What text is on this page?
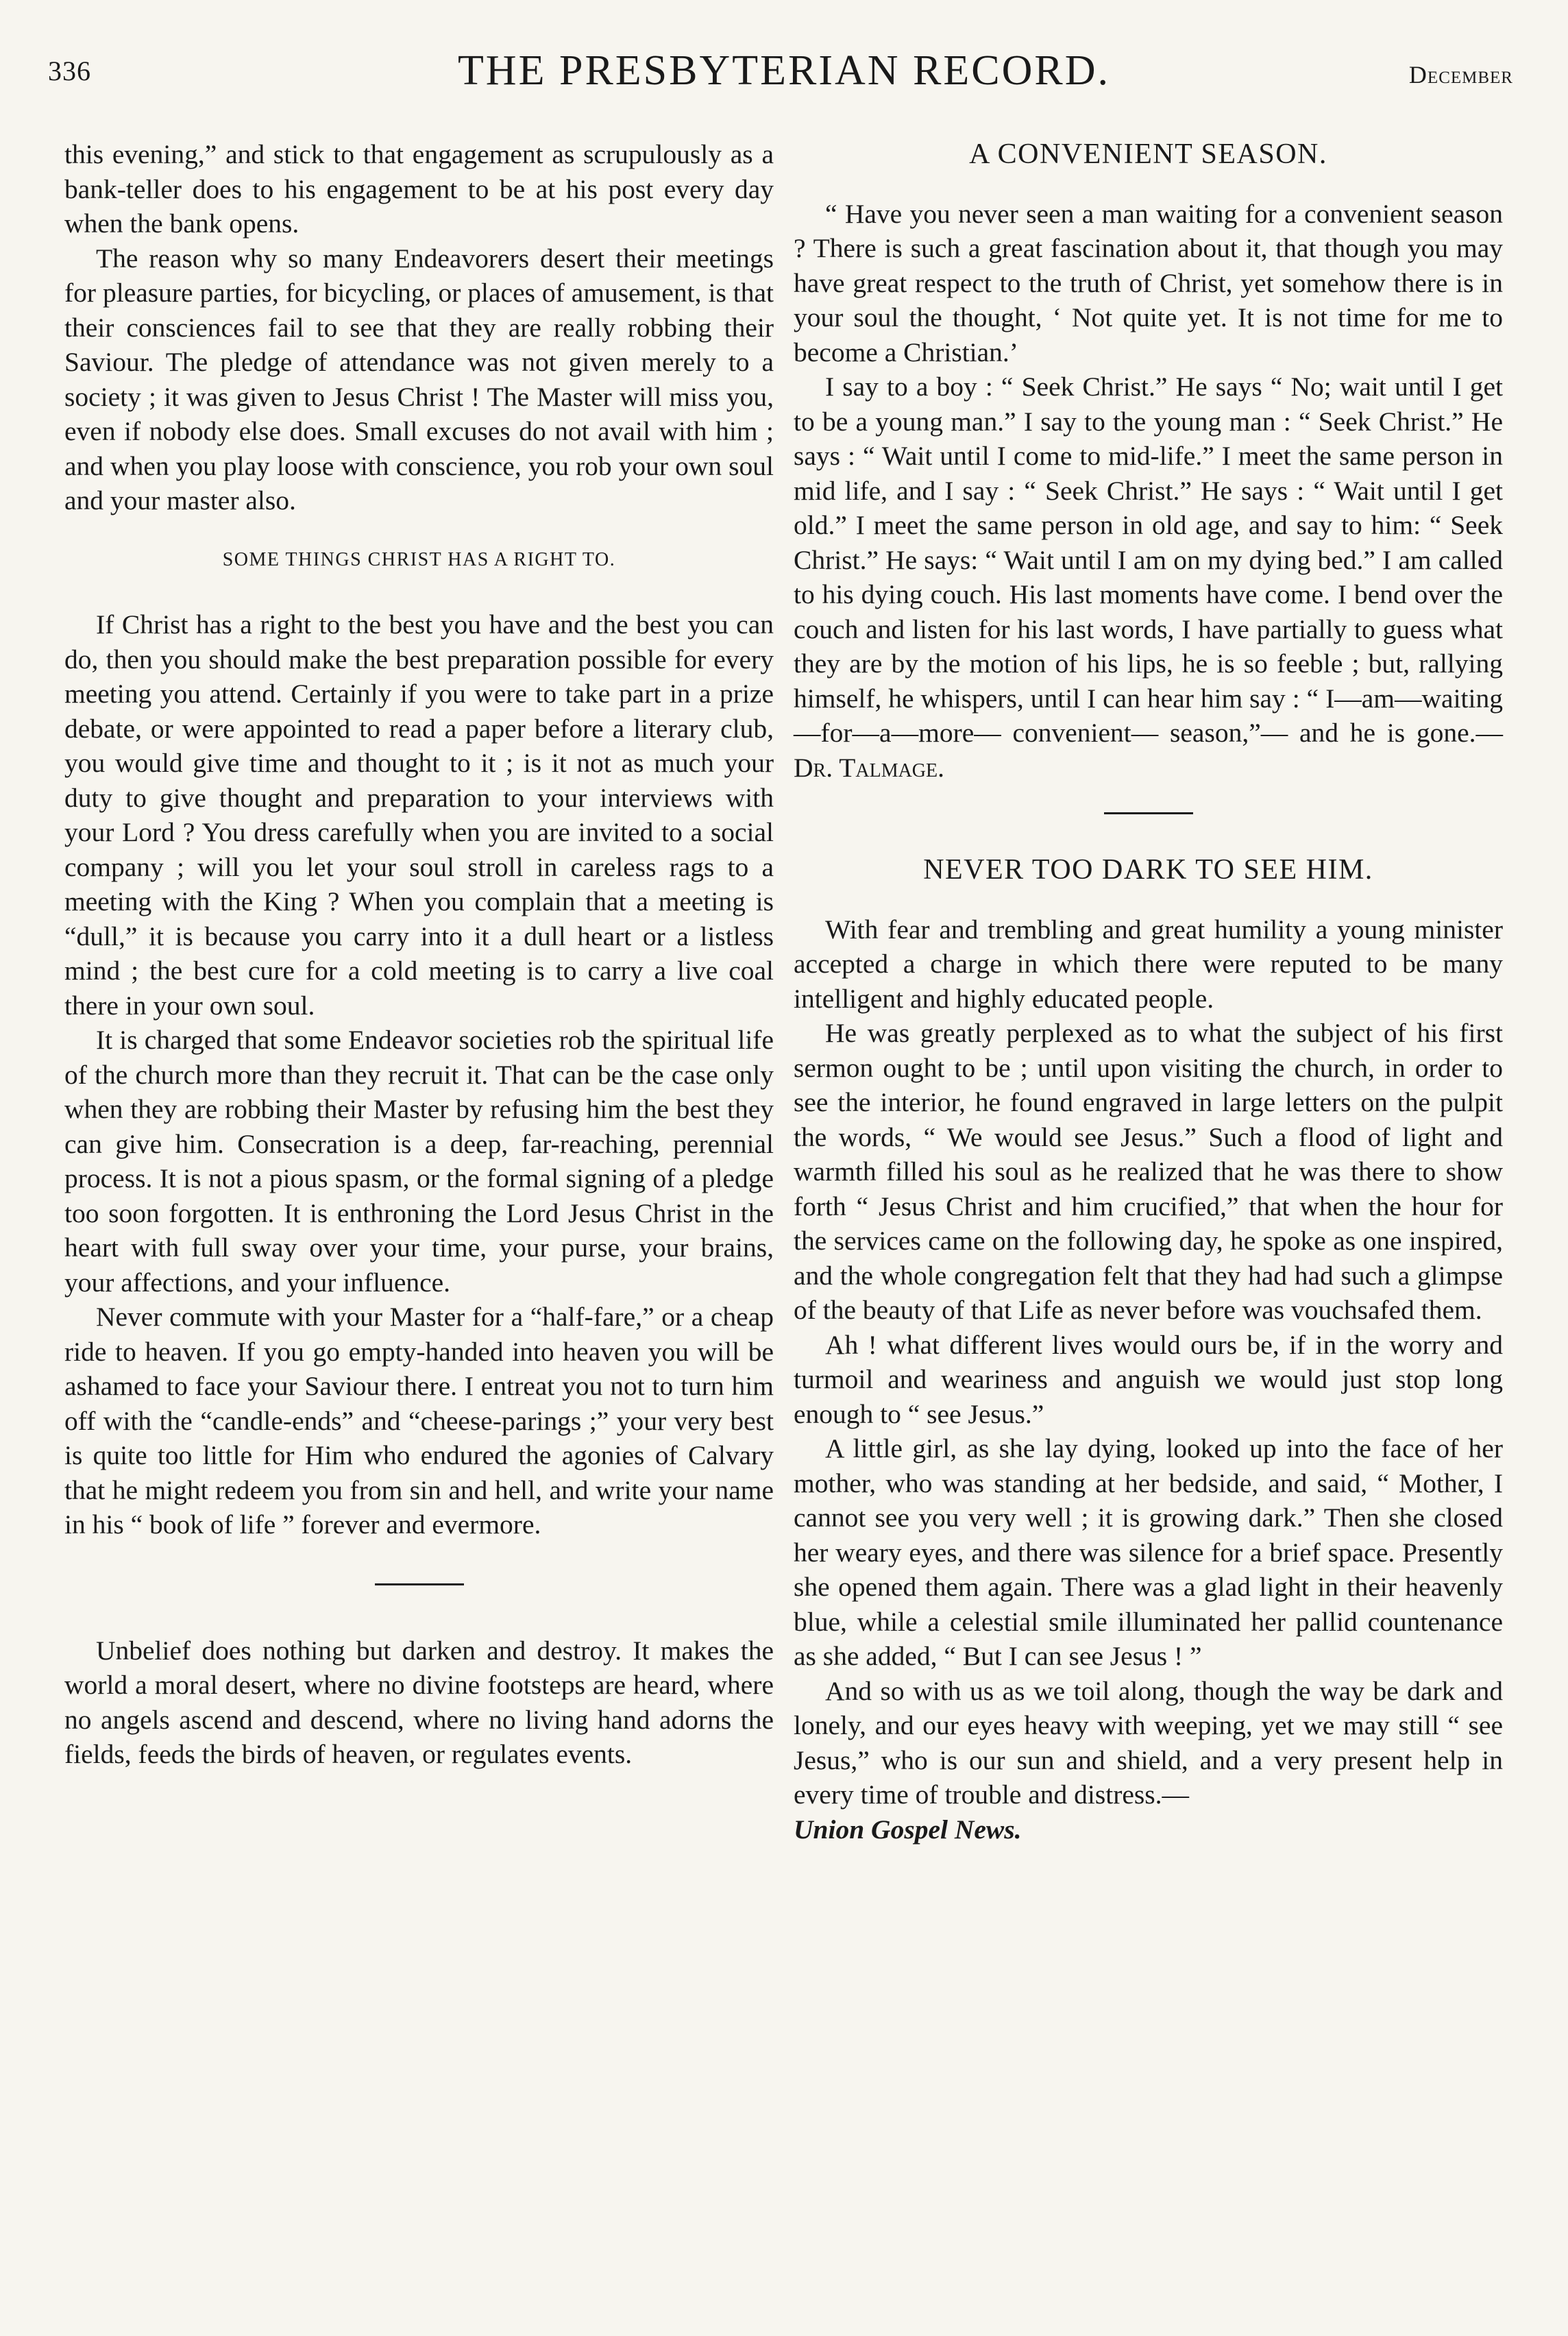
336	THE PRESBYTERIAN RECORD.	December

this evening,” and stick to that engagement as scrupulously as a bank-teller does to his engagement to be at his post every day when the bank opens.

The reason why so many Endeavorers desert their meetings for pleasure parties, for bicycling, or places of amusement, is that their consciences fail to see that they are really robbing their Saviour. The pledge of attendance was not given merely to a society ; it was given to Jesus Christ ! The Master will miss you, even if nobody else does. Small excuses do not avail with him ; and when you play loose with conscience, you rob your own soul and your master also.

SOME THINGS CHRIST HAS A RIGHT TO.

If Christ has a right to the best you have and the best you can do, then you should make the best preparation possible for every meeting you attend. Certainly if you were to take part in a prize debate, or were appointed to read a paper before a literary club, you would give time and thought to it ; is it not as much your duty to give thought and preparation to your interviews with your Lord ? You dress carefully when you are invited to a social company ; will you let your soul stroll in careless rags to a meeting with the King ? When you complain that a meeting is “dull,” it is because you carry into it a dull heart or a listless mind ; the best cure for a cold meeting is to carry a live coal there in your own soul.

It is charged that some Endeavor societies rob the spiritual life of the church more than they recruit it. That can be the case only when they are robbing their Master by refusing him the best they can give him. Consecration is a deep, far-reaching, perennial process. It is not a pious spasm, or the formal signing of a pledge too soon forgotten. It is enthroning the Lord Jesus Christ in the heart with full sway over your time, your purse, your brains, your affections, and your influence.

Never commute with your Master for a “half-fare,” or a cheap ride to heaven. If you go empty-handed into heaven you will be ashamed to face your Saviour there. I entreat you not to turn him off with the “candle-ends” and “cheese-parings ;” your very best is quite too little for Him who endured the agonies of Calvary that he might redeem you from sin and hell, and write your name in his “ book of life ” forever and evermore.

Unbelief does nothing but darken and destroy. It makes the world a moral desert, where no divine footsteps are heard, where no angels ascend and descend, where no living hand adorns the fields, feeds the birds of heaven, or regulates events.

A CONVENIENT SEASON.

“ Have you never seen a man waiting for a convenient season ? There is such a great fascination about it, that though you may have great respect to the truth of Christ, yet somehow there is in your soul the thought, ‘ Not quite yet. It is not time for me to become a Christian.’

I say to a boy : “ Seek Christ.” He says “ No; wait until I get to be a young man.” I say to the young man : “ Seek Christ.” He says : “ Wait until I come to mid-life.” I meet the same person in mid life, and I say : “ Seek Christ.” He says : “ Wait until I get old.” I meet the same person in old age, and say to him: “ Seek Christ.” He says: “ Wait until I am on my dying bed.” I am called to his dying couch. His last moments have come. I bend over the couch and listen for his last words, I have partially to guess what they are by the motion of his lips, he is so feeble ; but, rallying himself, he whispers, until I can hear him say : “ I—am—waiting—for—a—more— convenient— season,”— and he is gone.—Dr. Talmage.

NEVER TOO DARK TO SEE HIM.

With fear and trembling and great humility a young minister accepted a charge in which there were reputed to be many intelligent and highly educated people.

He was greatly perplexed as to what the subject of his first sermon ought to be ; until upon visiting the church, in order to see the interior, he found engraved in large letters on the pulpit the words, “ We would see Jesus.” Such a flood of light and warmth filled his soul as he realized that he was there to show forth “ Jesus Christ and him crucified,” that when the hour for the services came on the following day, he spoke as one inspired, and the whole congregation felt that they had had such a glimpse of the beauty of that Life as never before was vouchsafed them.

Ah ! what different lives would ours be, if in the worry and turmoil and weariness and anguish we would just stop long enough to “ see Jesus.”

A little girl, as she lay dying, looked up into the face of her mother, who was standing at her bedside, and said, “ Mother, I cannot see you very well ; it is growing dark.” Then she closed her weary eyes, and there was silence for a brief space. Presently she opened them again. There was a glad light in their heavenly blue, while a celestial smile illuminated her pallid countenance as she added, “ But I can see Jesus ! ”

And so with us as we toil along, though the way be dark and lonely, and our eyes heavy with weeping, yet we may still “ see Jesus,” who is our sun and shield, and a very present help in every time of trouble and distress.—
Union Gospel News.
